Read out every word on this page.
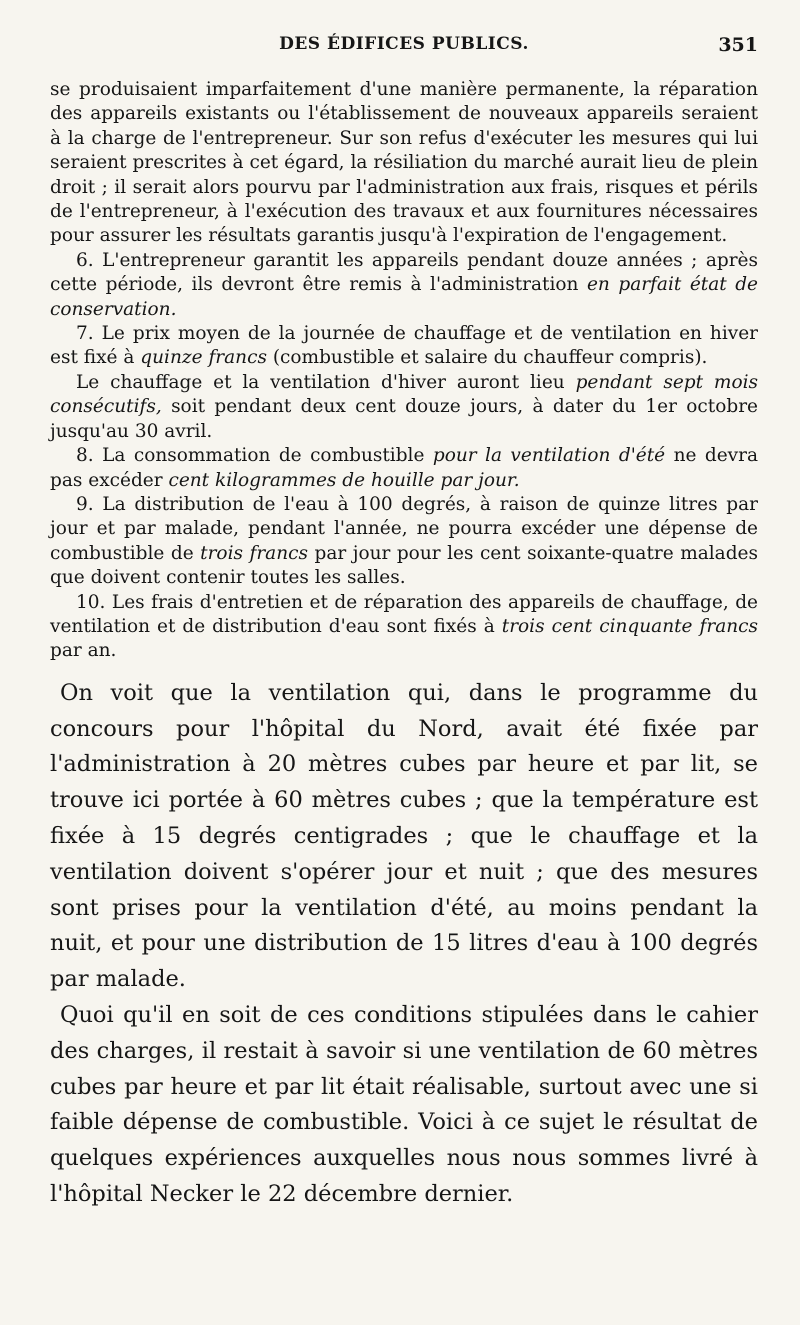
DES ÉDIFICES PUBLICS.	351

se produisaient imparfaitement d'une manière permanente, la réparation des appareils existants ou l'établissement de nouveaux appareils seraient à la charge de l'entrepreneur. Sur son refus d'exécuter les mesures qui lui seraient prescrites à cet égard, la résiliation du marché aurait lieu de plein droit ; il serait alors pourvu par l'administration aux frais, risques et périls de l'entrepreneur, à l'exécution des travaux et aux fournitures nécessaires pour assurer les résultats garantis jusqu'à l'expiration de l'engagement.

6. L'entrepreneur garantit les appareils pendant douze années ; après cette période, ils devront être remis à l'administration en parfait état de conservation.

7. Le prix moyen de la journée de chauffage et de ventilation en hiver est fixé à quinze francs (combustible et salaire du chauffeur compris).

Le chauffage et la ventilation d'hiver auront lieu pendant sept mois consécutifs, soit pendant deux cent douze jours, à dater du 1er octobre jusqu'au 30 avril.

8. La consommation de combustible pour la ventilation d'été ne devra pas excéder cent kilogrammes de houille par jour.

9. La distribution de l'eau à 100 degrés, à raison de quinze litres par jour et par malade, pendant l'année, ne pourra excéder une dépense de combustible de trois francs par jour pour les cent soixante-quatre malades que doivent contenir toutes les salles.

10. Les frais d'entretien et de réparation des appareils de chauffage, de ventilation et de distribution d'eau sont fixés à trois cent cinquante francs par an.

On voit que la ventilation qui, dans le programme du concours pour l'hôpital du Nord, avait été fixée par l'administration à 20 mètres cubes par heure et par lit, se trouve ici portée à 60 mètres cubes ; que la température est fixée à 15 degrés centigrades ; que le chauffage et la ventilation doivent s'opérer jour et nuit ; que des mesures sont prises pour la ventilation d'été, au moins pendant la nuit, et pour une distribution de 15 litres d'eau à 100 degrés par malade.

Quoi qu'il en soit de ces conditions stipulées dans le cahier des charges, il restait à savoir si une ventilation de 60 mètres cubes par heure et par lit était réalisable, surtout avec une si faible dépense de combustible. Voici à ce sujet le résultat de quelques expériences auxquelles nous nous sommes livré à l'hôpital Necker le 22 décembre dernier.
